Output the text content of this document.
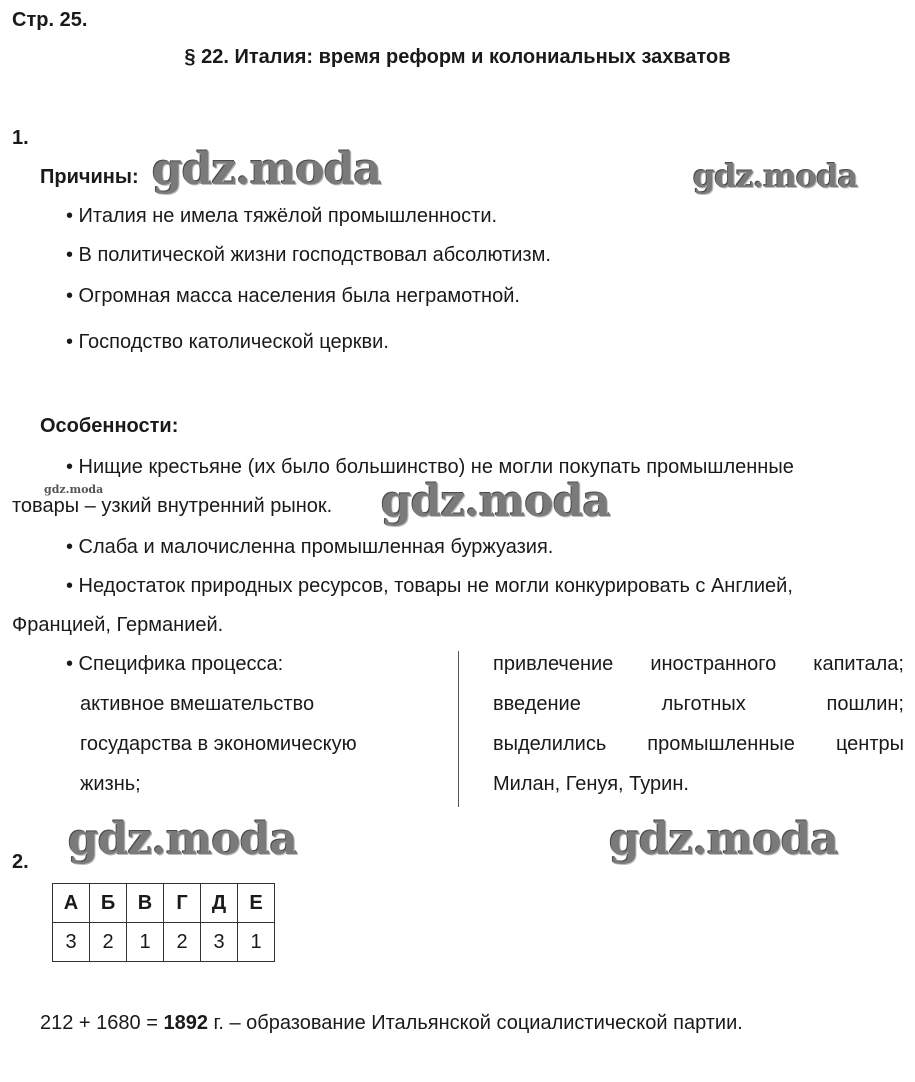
Стр. 25.
§ 22. Италия: время реформ и колониальных захватов
1.
Причины: gdz.moda	gdz.moda
• Италия не имела тяжёлой промышленности.
• В политической жизни господствовал абсолютизм.
• Огромная масса населения была неграмотной.
• Господство католической церкви.
Особенности:
• Нищие крестьяне (их было большинство) не могли покупать промышленные
gdz.moda
товары – узкий внутренний рынок. gdz.moda
• Слаба и малочисленна промышленная буржуазия.
• Недостаток природных ресурсов, товары не могли конкурировать с Англией,
Францией, Германией.
• Специфика процесса:
активное вмешательство
государства в экономическую
жизнь;
привлечение иностранного капитала;
введение	льготных	пошлин;
выделились промышленные центры
Милан, Генуя, Турин.
gdz.moda	gdz.moda
2.
А	Б	В	Г	Д	Е
3	2	1	2	3	1
212 + 1680 = 1892 г. – образование Итальянской социалистической партии.
